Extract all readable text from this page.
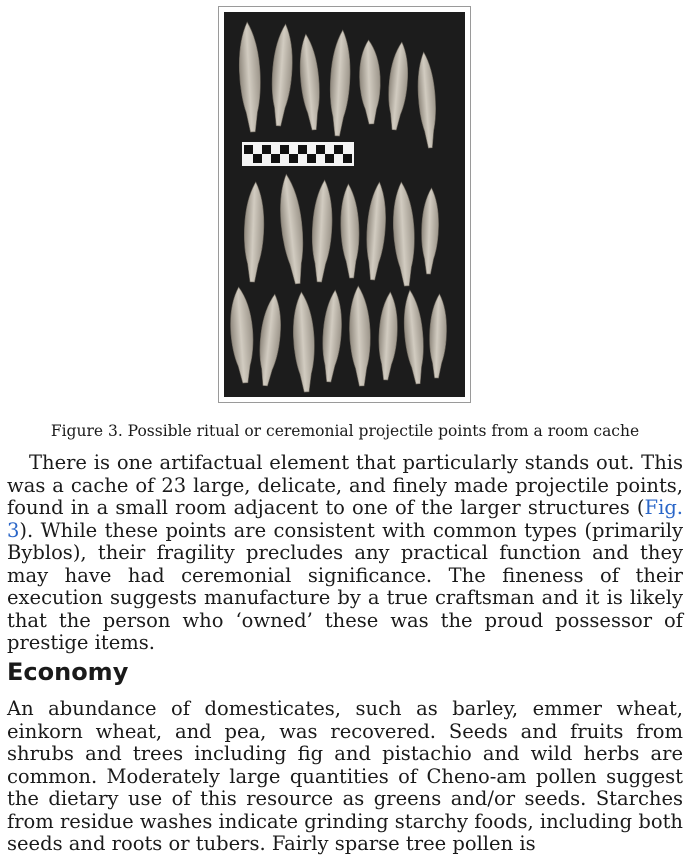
Figure 3. Possible ritual or ceremonial projectile points from a room cache

There is one artifactual element that particularly stands out. This was a cache of 23 large, delicate, and finely made projectile points, found in a small room adjacent to one of the larger structures (Fig. 3). While these points are consistent with common types (primarily Byblos), their fragility precludes any practical function and they may have had ceremonial significance. The fineness of their execution suggests manufacture by a true craftsman and it is likely that the person who ‘owned’ these was the proud possessor of prestige items.

Economy

An abundance of domesticates, such as barley, emmer wheat, einkorn wheat, and pea, was recovered. Seeds and fruits from shrubs and trees including fig and pistachio and wild herbs are common. Moderately large quantities of Cheno-am pollen suggest the dietary use of this resource as greens and/or seeds. Starches from residue washes indicate grinding starchy foods, including both seeds and roots or tubers. Fairly sparse tree pollen is
